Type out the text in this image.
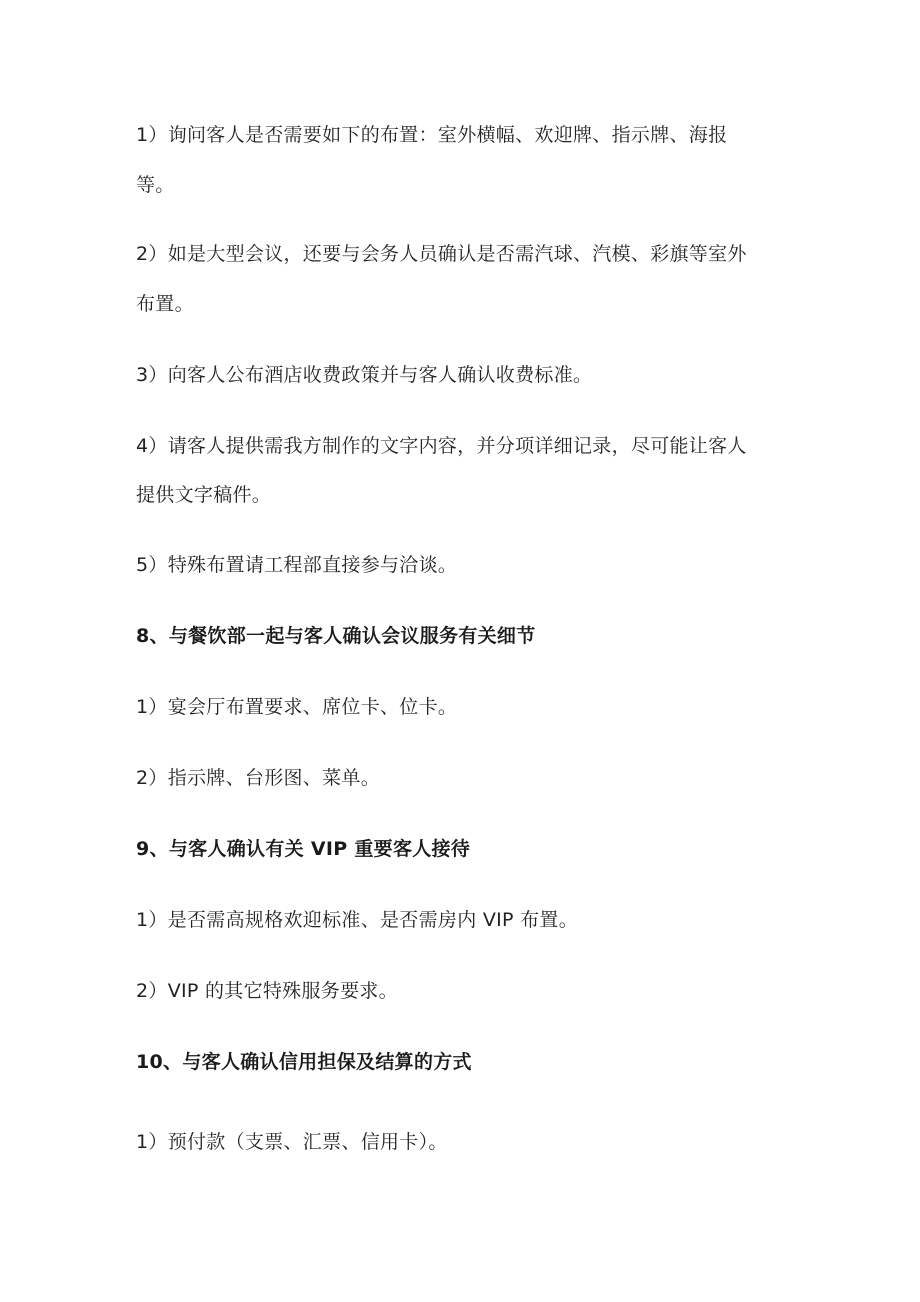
1）询问客人是否需要如下的布置：室外横幅、欢迎牌、指示牌、海报
等。
2）如是大型会议，还要与会务人员确认是否需汽球、汽模、彩旗等室外
布置。
3）向客人公布酒店收费政策并与客人确认收费标准。
4）请客人提供需我方制作的文字内容，并分项详细记录，尽可能让客人
提供文字稿件。
5）特殊布置请工程部直接参与洽谈。
8、与餐饮部一起与客人确认会议服务有关细节
1）宴会厅布置要求、席位卡、位卡。
2）指示牌、台形图、菜单。
9、与客人确认有关 VIP 重要客人接待
1）是否需高规格欢迎标准、是否需房内 VIP 布置。
2）VIP 的其它特殊服务要求。
10、与客人确认信用担保及结算的方式
1）预付款（支票、汇票、信用卡）。
